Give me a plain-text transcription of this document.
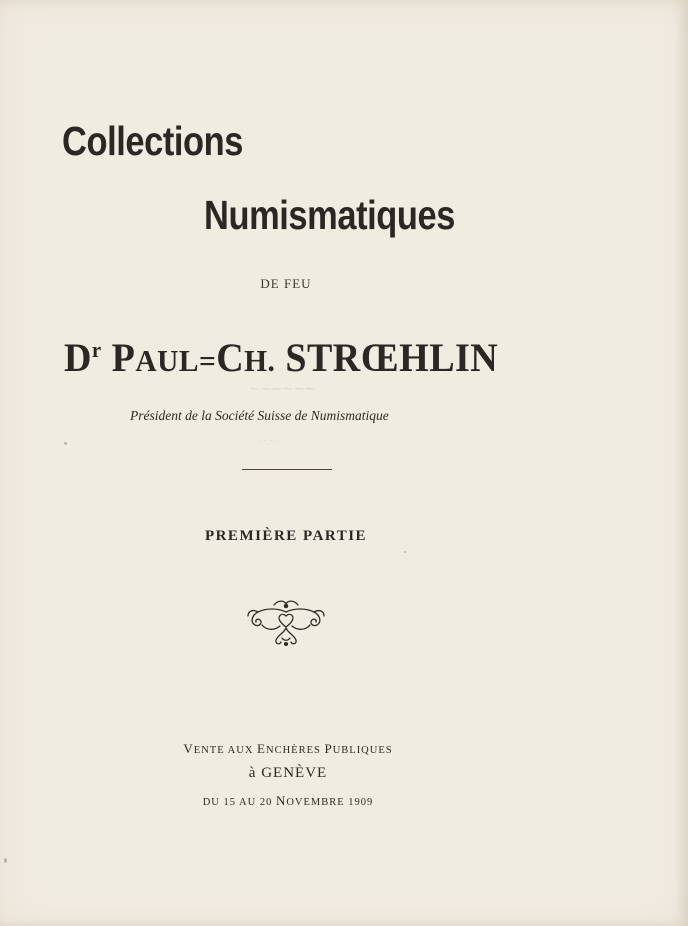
Collections
Numismatiques
DE FEU
$D^r$ PAUL=CH. STRŒHLIN
⁓⁓⁓⁓⁓⁓
· · · ·
Président de la Société Suisse de Numismatique
PREMIÈRE PARTIE
VENTE AUX ENCHÈRES PUBLIQUES
à GENÈVE
DU 15 AU 20 NOVEMBRE 1909
